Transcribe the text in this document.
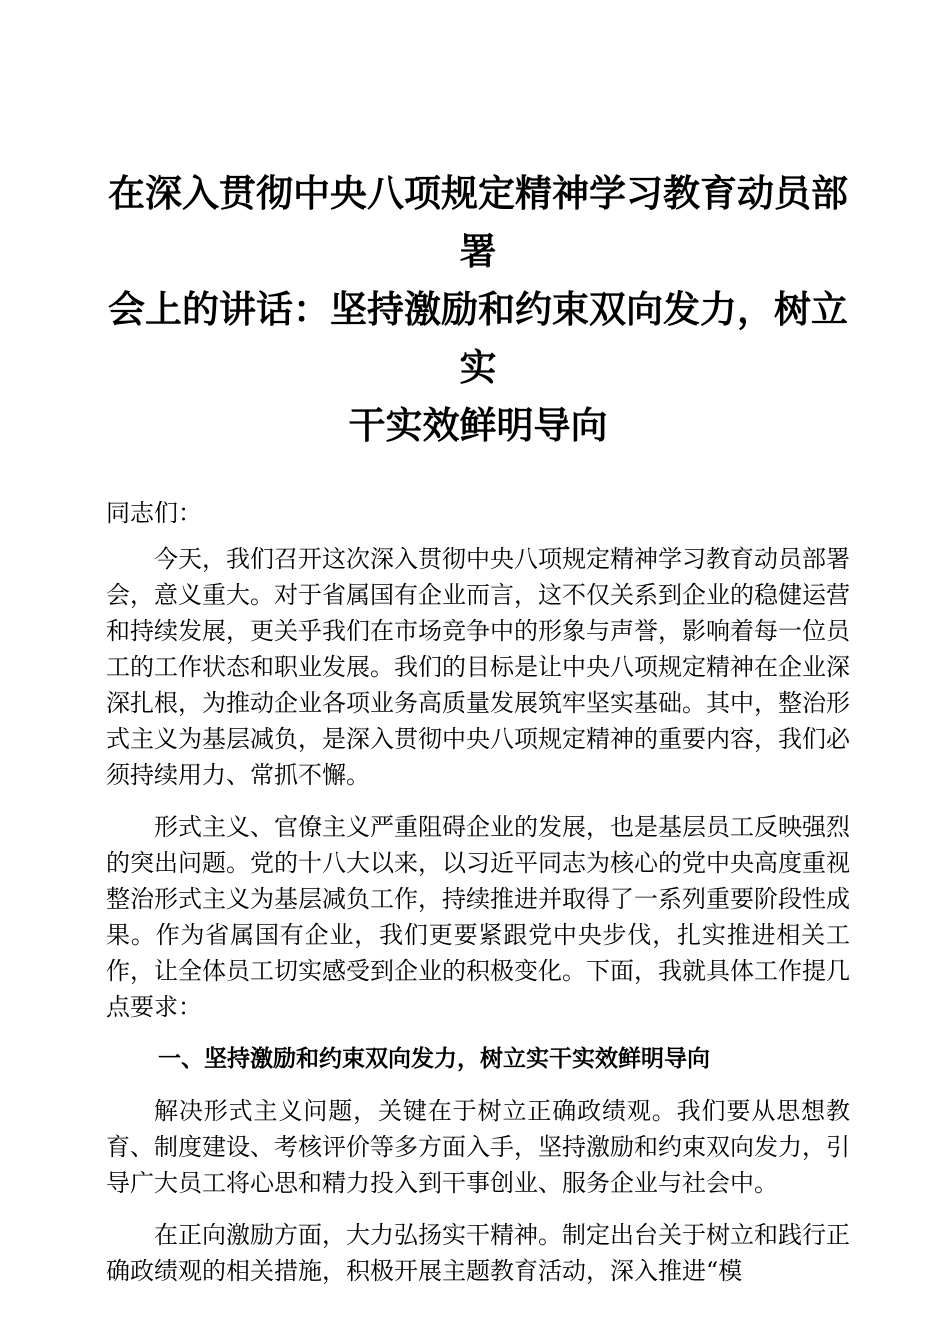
在深入贯彻中央八项规定精神学习教育动员部署
会上的讲话：坚持激励和约束双向发力，树立实
干实效鲜明导向

同志们：

今天，我们召开这次深入贯彻中央八项规定精神学习教育动员部署会，意义重大。对于省属国有企业而言，这不仅关系到企业的稳健运营和持续发展，更关乎我们在市场竞争中的形象与声誉，影响着每一位员工的工作状态和职业发展。我们的目标是让中央八项规定精神在企业深深扎根，为推动企业各项业务高质量发展筑牢坚实基础。其中，整治形式主义为基层减负，是深入贯彻中央八项规定精神的重要内容，我们必须持续用力、常抓不懈。

形式主义、官僚主义严重阻碍企业的发展，也是基层员工反映强烈的突出问题。党的十八大以来，以习近平同志为核心的党中央高度重视整治形式主义为基层减负工作，持续推进并取得了一系列重要阶段性成果。作为省属国有企业，我们更要紧跟党中央步伐，扎实推进相关工作，让全体员工切实感受到企业的积极变化。下面，我就具体工作提几点要求：

一、坚持激励和约束双向发力，树立实干实效鲜明导向

解决形式主义问题，关键在于树立正确政绩观。我们要从思想教育、制度建设、考核评价等多方面入手，坚持激励和约束双向发力，引导广大员工将心思和精力投入到干事创业、服务企业与社会中。

在正向激励方面，大力弘扬实干精神。制定出台关于树立和践行正确政绩观的相关措施，积极开展主题教育活动，深入推进“模
